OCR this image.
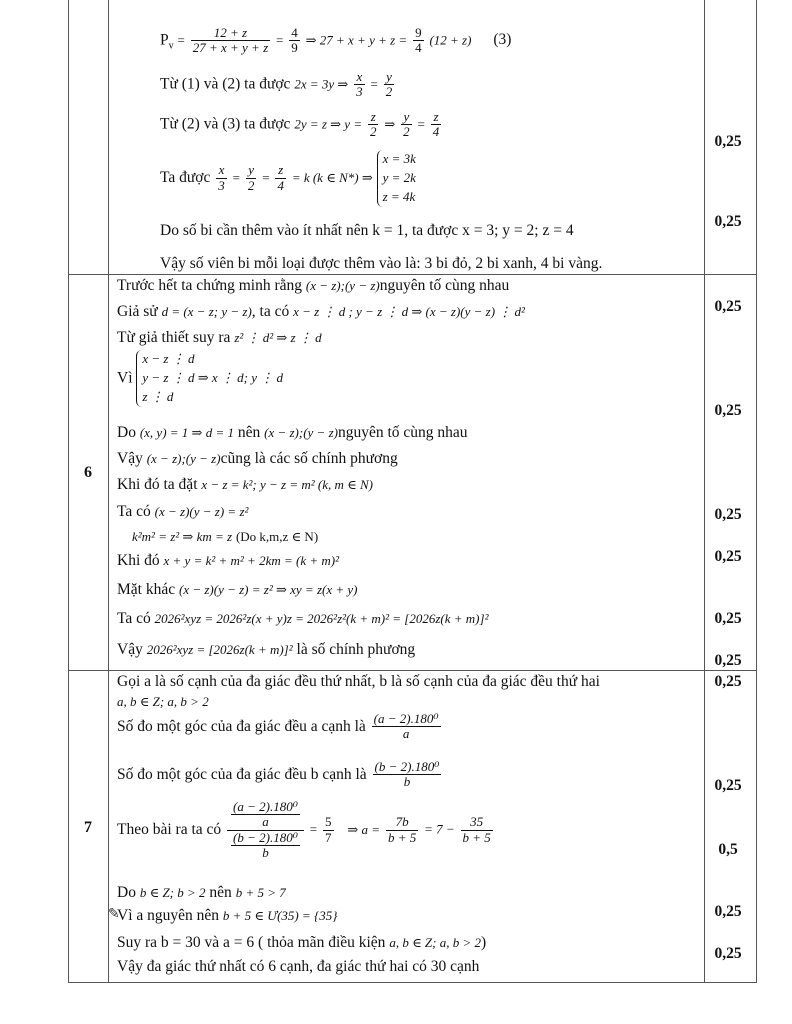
$P_v = \frac{12 + z}{27 + x + y + z} = \frac{4}{9}$ ⇒ $27 + x + y + z = \frac{9}{4} (12 + z)$ (3)
Từ (1) và (2) ta được 2x = 3y ⇒ $\frac{x}{3} = \frac{y}{2}$
Từ (2) và (3) ta được 2y = z ⇒ $y = \frac{z}{2}$ ⇒ $\frac{y}{2} = \frac{z}{4}$
Ta được $\frac{x}{3} = \frac{y}{2} = \frac{z}{4} = k$ (k ∈ N*) ⇒
x = 3k
y = 2k
z = 4k
Do số bi cần thêm vào ít nhất nên k = 1, ta được x = 3; y = 2; z = 4
Vậy số viên bi mỗi loại được thêm vào là: 3 bi đỏ, 2 bi xanh, 4 bi vàng.
0,25
0,25
6
Trước hết ta chứng minh rằng (x − z);(y − z)nguyên tố cùng nhau
Giả sử d = (x − z; y − z), ta có x − z ⋮ d ; y − z ⋮ d ⇒ (x − z)(y − z) ⋮ d²
Từ giả thiết suy ra z² ⋮ d² ⇒ z ⋮ d
Vì
x − z ⋮ d
y − z ⋮ d ⇒ x ⋮ d; y ⋮ d
z ⋮ d
Do (x, y) = 1 ⇒ d = 1 nên (x − z);(y − z)nguyên tố cùng nhau
Vậy (x − z);(y − z)cũng là các số chính phương
Khi đó ta đặt x − z = k²; y − z = m² (k, m ∈ N)
Ta có (x − z)(y − z) = z²
k²m² = z² ⇒ km = z (Do k,m,z ∈ N)
Khi đó x + y = k² + m² + 2km = (k + m)²
Mặt khác (x − z)(y − z) = z² ⇒ xy = z(x + y)
Ta có 2026²xyz = 2026²z(x + y)z = 2026²z²(k + m)² = [2026z(k + m)]²
Vậy 2026²xyz = [2026z(k + m)]² là số chính phương
0,25
0,25
0,25
0,25
0,25
0,25
7
Gọi a là số cạnh của đa giác đều thứ nhất, b là số cạnh của đa giác đều thứ hai
a, b ∈ Z; a, b > 2
Số đo một góc của đa giác đều a cạnh là $\frac{\text{(a − 2).180⁰}}{a}$
Số đo một góc của đa giác đều b cạnh là $\frac{\text{(b − 2).180⁰}}{b}$
Theo bài ra ta có $\frac{\frac{\text{(a − 2).180⁰}}{a}}{\frac{\text{(b − 2).180⁰}}{b}} = \frac{5}{7}$ ⇒ $a = \frac{7b}{b + 5} = 7 - \frac{35}{b + 5}$
Do b ∈ Z; b > 2 nên b + 5 > 7
✎
Vì a nguyên nên b + 5 ∈ Ư(35) = {35}
Suy ra b = 30 và a = 6 ( thỏa mãn điều kiện a, b ∈ Z; a, b > 2)
Vậy đa giác thứ nhất có 6 cạnh, đa giác thứ hai có 30 cạnh
0,25
0,25
0,5
0,25
0,25
